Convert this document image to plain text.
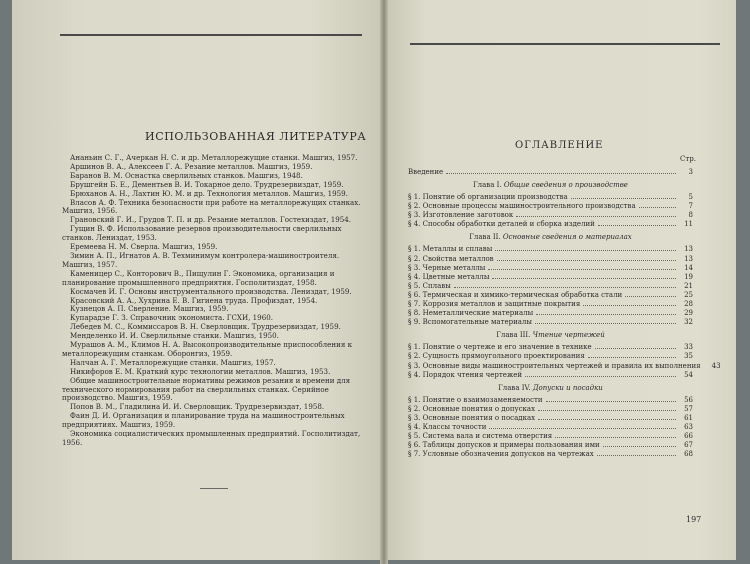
ИСПОЛЬЗОВАННАЯ ЛИТЕРАТУРА

Ананьин С. Г., Ачеркан Н. С. и др. Металлорежущие станки. Машгиз, 1957.

Аршинов В. А., Алексеев Г. А. Резание металлов. Машгиз, 1959.

Баранов В. М. Оснастка сверлильных станков. Машгиз, 1948.

Брушгейн Б. Е., Дементьев В. И. Токарное дело. Трудрезервиздат, 1959.

Брюханов А. Н., Лахтин Ю. М. и др. Технология металлов. Машгиз, 1959.

Власов А. Ф. Техника безопасности при работе на металлорежущих станках. Машгиз, 1956.

Грановский Г. И., Грудов Т. П. и др. Резание металлов. Гостехиздат, 1954.

Гущин В. Ф. Использование резервов производительности сверлильных станков. Лениздат, 1953.

Еремеева Н. М. Сверла. Машгиз, 1959.

Зимин А. П., Игнатов А. В. Техминимум контролера-машиностроителя. Машгиз, 1957.

Каменицер С., Конторович В., Пищулин Г. Экономика, организация и планирование промышленного предприятия. Госполитиздат, 1958.

Космачев И. Г. Основы инструментального производства. Лениздат, 1959.

Красовский А. А., Хухрина Е. В. Гигиена труда. Профиздат, 1954.

Кузнецов А. П. Сверление. Машгиз, 1959.

Купарадзе Г. З. Справочник экономиста. ГСХИ, 1960.

Лебедев М. С., Коммиссаров В. Н. Сверловщик. Трудрезервиздат, 1959.

Менделенко И. И. Сверлильные станки. Машгиз, 1950.

Мурашов А. М., Климов Н. А. Высокопроизводительные приспособления к металлорежущим станкам. Оборонгиз, 1959.

Налчан А. Г. Металлорежущие станки. Машгиз, 1957.

Никифоров Е. М. Краткий курс технологии металлов. Машгиз, 1953.

Общие машиностроительные нормативы режимов резания и времени для технического нормирования работ на сверлильных станках. Серийное производство. Машгиз, 1959.

Попов В. М., Гладилина И. И. Сверловщик. Трудрезервиздат, 1958.

Фаин Д. И. Организация и планирование труда на машиностроительных предприятиях. Машгиз, 1959.

Экономика социалистических промышленных предприятий. Госполитиздат, 1956.

ОГЛАВЛЕНИЕ
Стр.
Введение	3
Глава I. Общие сведения о производстве
§ 1. Понятие об организации производства	5
§ 2. Основные процессы машиностроительного производства	7
§ 3. Изготовление заготовок	8
§ 4. Способы обработки деталей и сборка изделий	11
Глава II. Основные сведения о материалах
§ 1. Металлы и сплавы	13
§ 2. Свойства металлов	13
§ 3. Черные металлы	14
§ 4. Цветные металлы	19
§ 5. Сплавы	21
§ 6. Термическая и химико-термическая обработка стали	25
§ 7. Коррозия металлов и защитные покрытия	28
§ 8. Неметаллические материалы	29
§ 9. Вспомогательные материалы	32
Глава III. Чтение чертежей
§ 1. Понятие о чертеже и его значение в технике	33
§ 2. Сущность прямоугольного проектирования	35
§ 3. Основные виды машиностроительных чертежей и правила их выполнения	43
§ 4. Порядок чтения чертежей	54
Глава IV. Допуски и посадки
§ 1. Понятие о взаимозаменяемости	56
§ 2. Основные понятия о допусках	57
§ 3. Основные понятия о посадках	61
§ 4. Классы точности	63
§ 5. Система вала и система отверстия	66
§ 6. Таблицы допусков и примеры пользования ими	67
§ 7. Условные обозначения допусков на чертежах	68
197
